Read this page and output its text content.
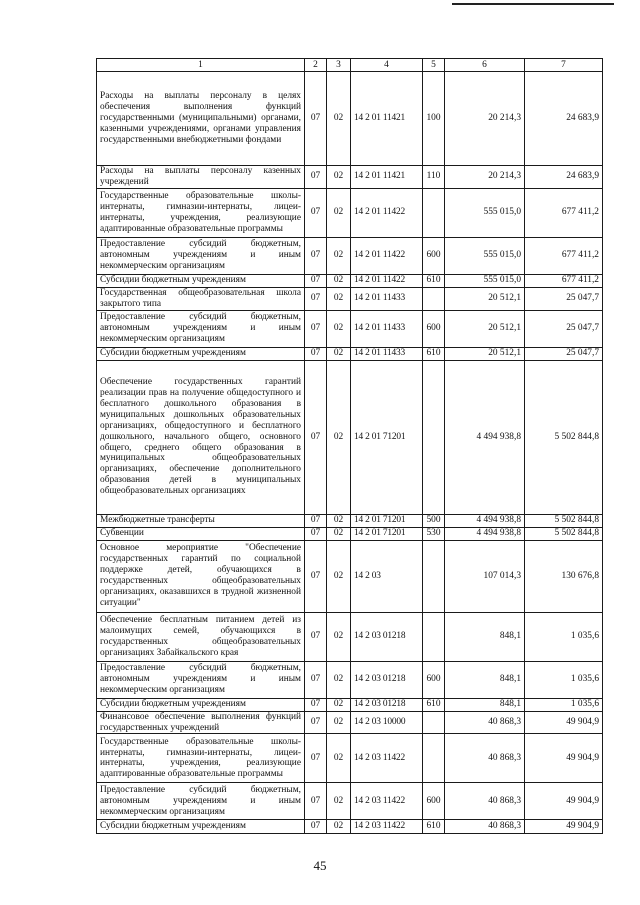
1	2	3	4	5	6	7
Расходы на выплаты персоналу в целях обеспечения выполнения функций государственными (муниципальными) органами, казенными учреждениями, органами управления государственными внебюджетными фондами	07	02	14 2 01 11421	100	20 214,3	24 683,9
Расходы на выплаты персоналу казенных учреждений	07	02	14 2 01 11421	110	20 214,3	24 683,9
Государственные образовательные школы-интернаты, гимназии-интернаты, лицеи-интернаты, учреждения, реализующие адаптированные образовательные программы	07	02	14 2 01 11422		555 015,0	677 411,2
Предоставление субсидий бюджетным, автономным учреждениям и иным некоммерческим организациям	07	02	14 2 01 11422	600	555 015,0	677 411,2
Субсидии бюджетным учреждениям	07	02	14 2 01 11422	610	555 015,0	677 411,2
Государственная общеобразовательная школа закрытого типа	07	02	14 2 01 11433		20 512,1	25 047,7
Предоставление субсидий бюджетным, автономным учреждениям и иным некоммерческим организациям	07	02	14 2 01 11433	600	20 512,1	25 047,7
Субсидии бюджетным учреждениям	07	02	14 2 01 11433	610	20 512,1	25 047,7
Обеспечение государственных гарантий реализации прав на получение общедоступного и бесплатного дошкольного образования в муниципальных дошкольных образовательных организациях, общедоступного и бесплатного дошкольного, начального общего, основного общего, среднего общего образования в муниципальных общеобразовательных организациях, обеспечение дополнительного образования детей в муниципальных общеобразовательных организациях	07	02	14 2 01 71201		4 494 938,8	5 502 844,8
Межбюджетные трансферты	07	02	14 2 01 71201	500	4 494 938,8	5 502 844,8
Субвенции	07	02	14 2 01 71201	530	4 494 938,8	5 502 844,8
Основное мероприятие "Обеспечение государственных гарантий по социальной поддержке детей, обучающихся в государственных общеобразовательных организациях, оказавшихся в трудной жизненной ситуации"	07	02	14 2 03		107 014,3	130 676,8
Обеспечение бесплатным питанием детей из малоимущих семей, обучающихся в государственных общеобразовательных организациях Забайкальского края	07	02	14 2 03 01218		848,1	1 035,6
Предоставление субсидий бюджетным, автономным учреждениям и иным некоммерческим организациям	07	02	14 2 03 01218	600	848,1	1 035,6
Субсидии бюджетным учреждениям	07	02	14 2 03 01218	610	848,1	1 035,6
Финансовое обеспечение выполнения функций государственных учреждений	07	02	14 2 03 10000		40 868,3	49 904,9
Государственные образовательные школы-интернаты, гимназии-интернаты, лицеи-интернаты, учреждения, реализующие адаптированные образовательные программы	07	02	14 2 03 11422		40 868,3	49 904,9
Предоставление субсидий бюджетным, автономным учреждениям и иным некоммерческим организациям	07	02	14 2 03 11422	600	40 868,3	49 904,9
Субсидии бюджетным учреждениям	07	02	14 2 03 11422	610	40 868,3	49 904,9
45
